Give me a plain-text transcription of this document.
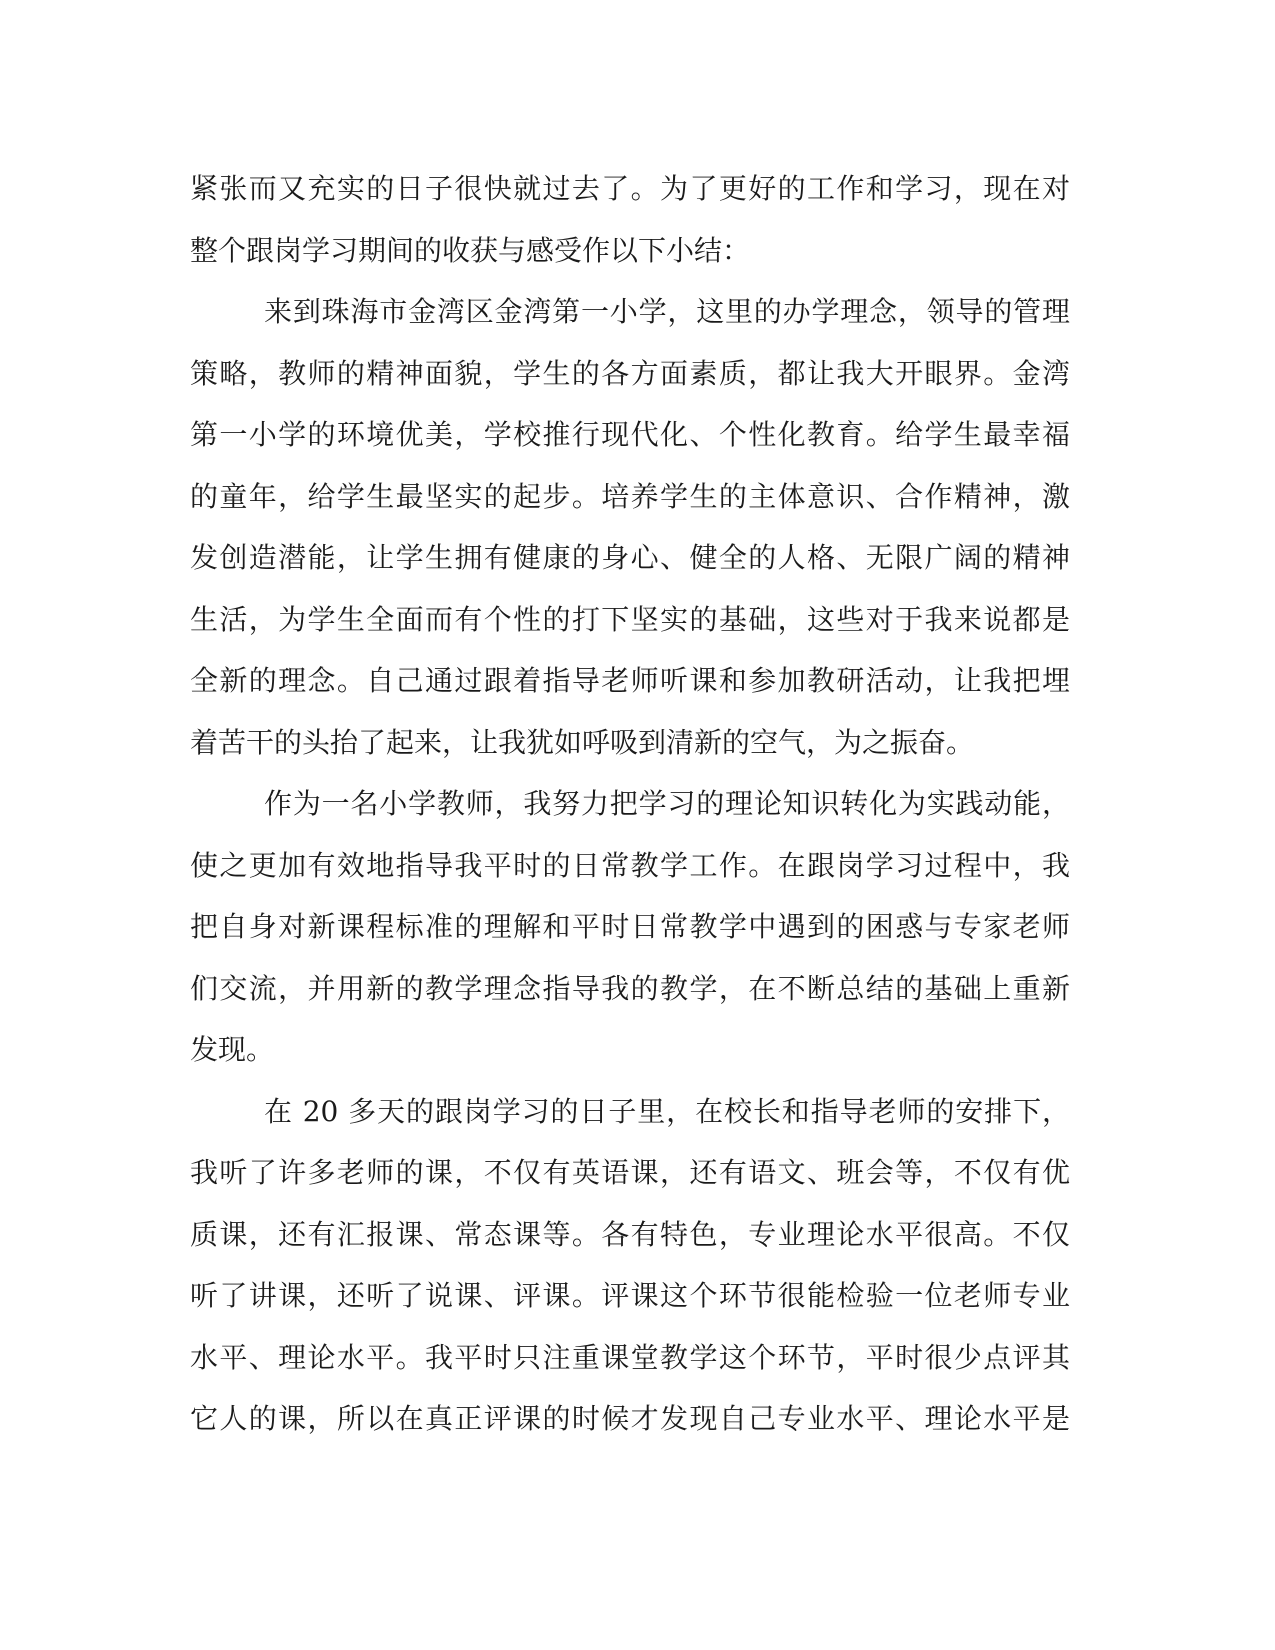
紧张而又充实的日子很快就过去了。为了更好的工作和学习，现在对
整个跟岗学习期间的收获与感受作以下小结：
来到珠海市金湾区金湾第一小学，这里的办学理念，领导的管理
策略，教师的精神面貌，学生的各方面素质，都让我大开眼界。金湾
第一小学的环境优美，学校推行现代化、个性化教育。给学生最幸福
的童年，给学生最坚实的起步。培养学生的主体意识、合作精神，激
发创造潜能，让学生拥有健康的身心、健全的人格、无限广阔的精神
生活，为学生全面而有个性的打下坚实的基础，这些对于我来说都是
全新的理念。自己通过跟着指导老师听课和参加教研活动，让我把埋
着苦干的头抬了起来，让我犹如呼吸到清新的空气，为之振奋。
作为一名小学教师，我努力把学习的理论知识转化为实践动能，
使之更加有效地指导我平时的日常教学工作。在跟岗学习过程中，我
把自身对新课程标准的理解和平时日常教学中遇到的困惑与专家老师
们交流，并用新的教学理念指导我的教学，在不断总结的基础上重新
发现。
在 20 多天的跟岗学习的日子里，在校长和指导老师的安排下，
我听了许多老师的课，不仅有英语课，还有语文、班会等，不仅有优
质课，还有汇报课、常态课等。各有特色，专业理论水平很高。不仅
听了讲课，还听了说课、评课。评课这个环节很能检验一位老师专业
水平、理论水平。我平时只注重课堂教学这个环节，平时很少点评其
它人的课，所以在真正评课的时候才发现自己专业水平、理论水平是
